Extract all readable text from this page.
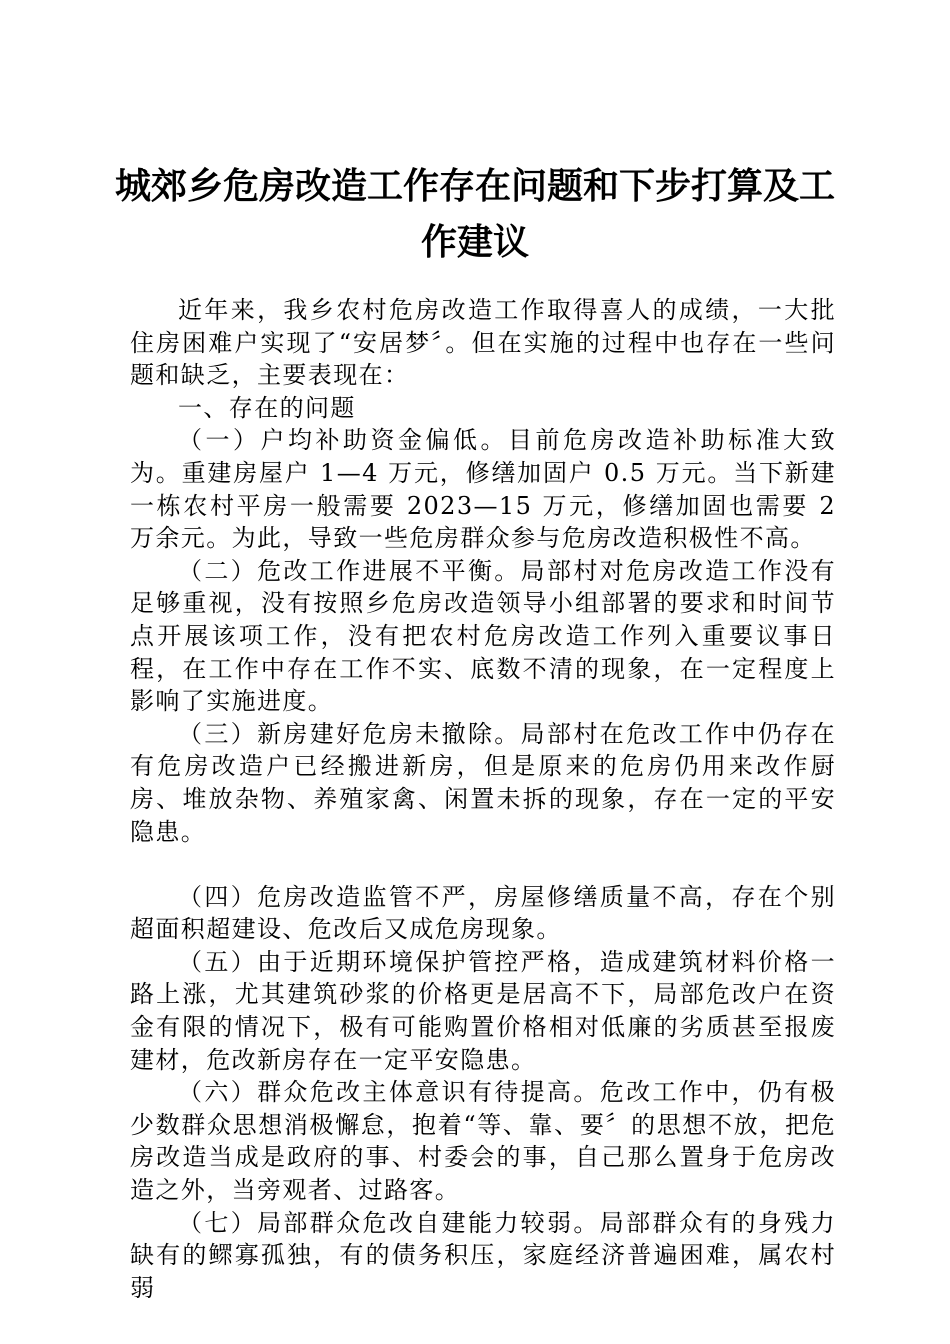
城郊乡危房改造工作存在问题和下步打算及工作建议

近年来，我乡农村危房改造工作取得喜人的成绩，一大批住房困难户实现了“安居梦〞。但在实施的过程中也存在一些问题和缺乏，主要表现在：

一、存在的问题

（一）户均补助资金偏低。目前危房改造补助标准大致为。重建房屋户 1—4 万元，修缮加固户 0.5 万元。当下新建一栋农村平房一般需要 2023—15 万元，修缮加固也需要 2 万余元。为此，导致一些危房群众参与危房改造积极性不高。

（二）危改工作进展不平衡。局部村对危房改造工作没有足够重视，没有按照乡危房改造领导小组部署的要求和时间节点开展该项工作，没有把农村危房改造工作列入重要议事日程，在工作中存在工作不实、底数不清的现象，在一定程度上影响了实施进度。

（三）新房建好危房未撤除。局部村在危改工作中仍存在有危房改造户已经搬进新房，但是原来的危房仍用来改作厨房、堆放杂物、养殖家禽、闲置未拆的现象，存在一定的平安隐患。

（四）危房改造监管不严，房屋修缮质量不高，存在个别超面积超建设、危改后又成危房现象。

（五）由于近期环境保护管控严格，造成建筑材料价格一路上涨，尤其建筑砂浆的价格更是居高不下，局部危改户在资金有限的情况下，极有可能购置价格相对低廉的劣质甚至报废建材，危改新房存在一定平安隐患。

（六）群众危改主体意识有待提高。危改工作中，仍有极少数群众思想消极懈怠，抱着“等、靠、要〞的思想不放，把危房改造当成是政府的事、村委会的事，自己那么置身于危房改造之外，当旁观者、过路客。

（七）局部群众危改自建能力较弱。局部群众有的身残力缺有的鳏寡孤独，有的债务积压，家庭经济普遍困难，属农村弱
